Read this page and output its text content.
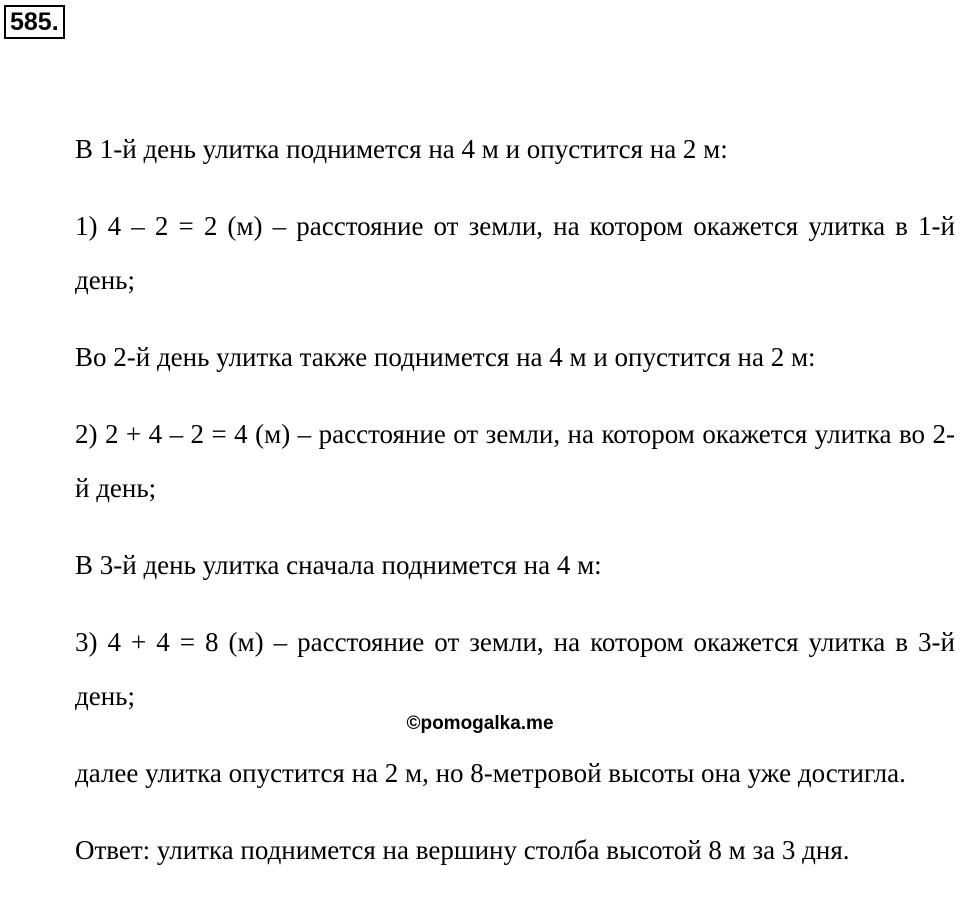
585.

В 1-й день улитка поднимется на 4 м и опустится на 2 м:

1) 4 – 2 = 2 (м) – расстояние от земли, на котором окажется улитка в 1-й день;

Во 2-й день улитка также поднимется на 4 м и опустится на 2 м:

2) 2 + 4 – 2 = 4 (м) – расстояние от земли, на котором окажется улитка во 2-й день;

В 3-й день улитка сначала поднимется на 4 м:

3) 4 + 4 = 8 (м) – расстояние от земли, на котором окажется улитка в 3-й день;

далее улитка опустится на 2 м, но 8-метровой высоты она уже достигла.

Ответ: улитка поднимется на вершину столба высотой 8 м за 3 дня.

©pomogalka.me
